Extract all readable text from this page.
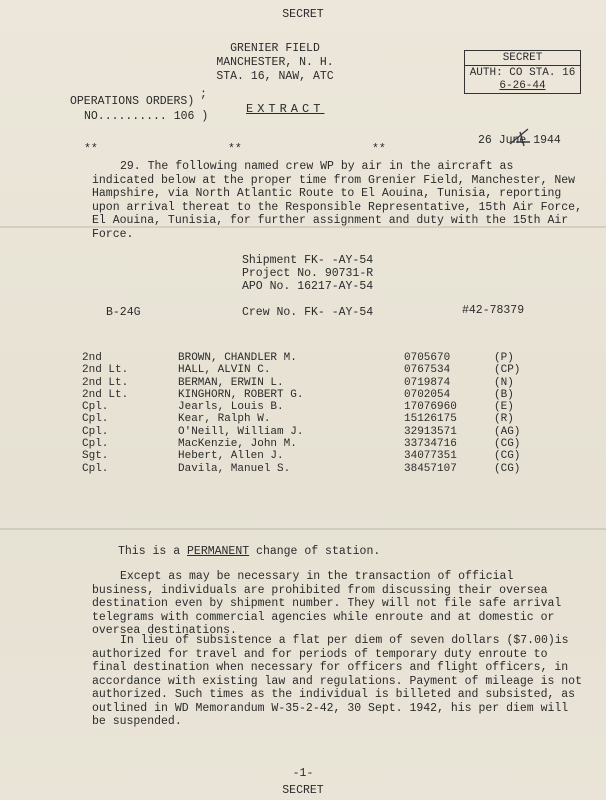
SECRET
GRENIER FIELD
MANCHESTER, N. H.
STA. 16, NAW, ATC
SECRET
AUTH: CO STA. 16
6-26-44
OPERATIONS ORDERS)
;
NO.......... 106 )
EXTRACT
26 June 1944
**	**	**
29. The following named crew WP by air in the aircraft as indicated below at the proper time from Grenier Field, Manchester, New Hampshire, via North Atlantic Route to El Aouina, Tunisia, reporting upon arrival thereat to the Responsible Representative, 15th Air Force, El Aouina, Tunisia, for further assignment and duty with the 15th Air Force.
Shipment FK- -AY-54
Project No. 90731-R
APO No. 16217-AY-54
B-24G	Crew No. FK- -AY-54	#42-78379
2nd	BROWN, CHANDLER M.	0705670	(P)
2nd Lt.	HALL, ALVIN C.	0767534	(CP)
2nd Lt.	BERMAN, ERWIN L.	0719874	(N)
2nd Lt.	KINGHORN, ROBERT G.	0702054	(B)
Cpl.	Jearls, Louis B.	17076960	(E)
Cpl.	Kear, Ralph W.	15126175	(R)
Cpl.	O'Neill, William J.	32913571	(AG)
Cpl.	MacKenzie, John M.	33734716	(CG)
Sgt.	Hebert, Allen J.	34077351	(CG)
Cpl.	Davila, Manuel S.	38457107	(CG)
This is a PERMANENT change of station.
Except as may be necessary in the transaction of official business, individuals are prohibited from discussing their oversea destination even by shipment number. They will not file safe arrival telegrams with commercial agencies while enroute and at domestic or oversea destinations.
In lieu of subsistence a flat per diem of seven dollars ($7.00)is authorized for travel and for periods of temporary duty enroute to final destination when necessary for officers and flight officers, in accordance with existing law and regulations. Payment of mileage is not authorized. Such times as the individual is billeted and subsisted, as outlined in WD Memorandum W-35-2-42, 30 Sept. 1942, his per diem will be suspended.
-1-
SECRET
